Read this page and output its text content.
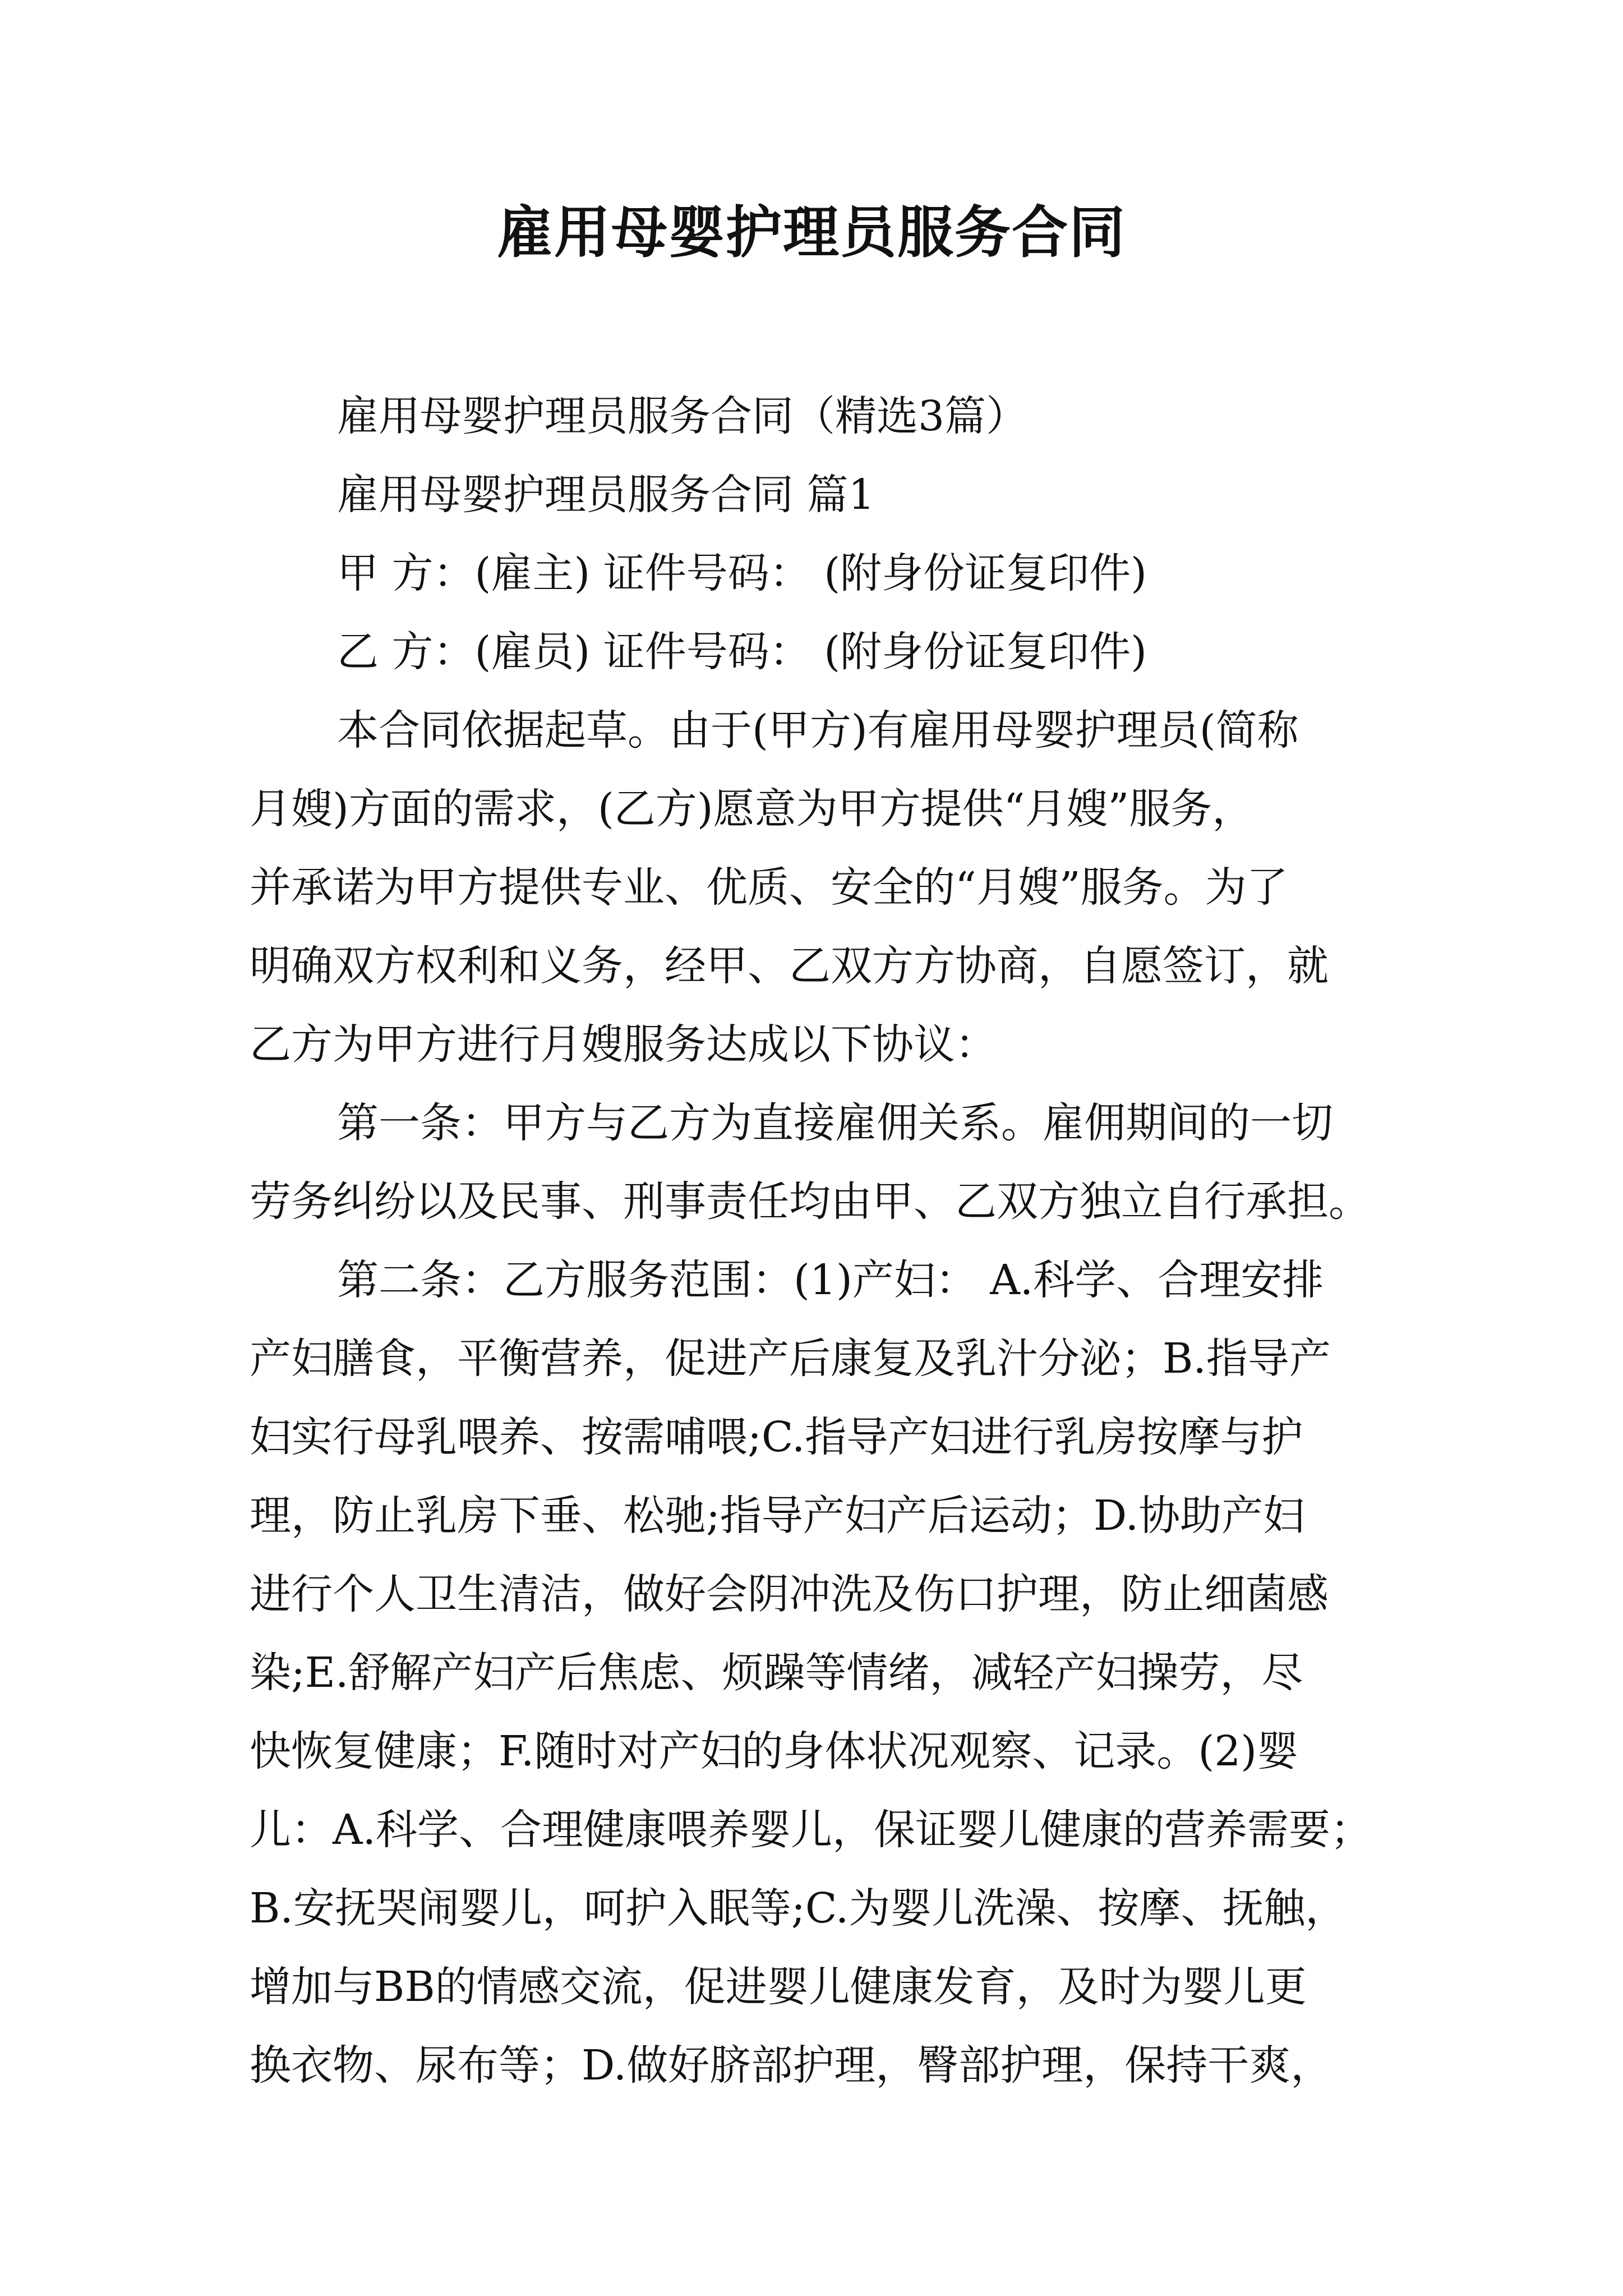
雇用母婴护理员服务合同

雇用母婴护理员服务合同（精选3篇）

雇用母婴护理员服务合同 篇1

甲 方：(雇主) 证件号码： (附身份证复印件)

乙 方：(雇员) 证件号码： (附身份证复印件)

本合同依据起草。由于(甲方)有雇用母婴护理员(简称

月嫂)方面的需求，(乙方)愿意为甲方提供“月嫂”服务，

并承诺为甲方提供专业、优质、安全的“月嫂”服务。为了

明确双方权利和义务，经甲、乙双方方协商，自愿签订，就

乙方为甲方进行月嫂服务达成以下协议：

第一条：甲方与乙方为直接雇佣关系。雇佣期间的一切

劳务纠纷以及民事、刑事责任均由甲、乙双方独立自行承担。

第二条：乙方服务范围：(1)产妇： A.科学、合理安排

产妇膳食，平衡营养，促进产后康复及乳汁分泌；B.指导产

妇实行母乳喂养、按需哺喂;C.指导产妇进行乳房按摩与护

理，防止乳房下垂、松驰;指导产妇产后运动；D.协助产妇

进行个人卫生清洁，做好会阴冲洗及伤口护理，防止细菌感

染;E.舒解产妇产后焦虑、烦躁等情绪，减轻产妇操劳，尽

快恢复健康；F.随时对产妇的身体状况观察、记录。(2)婴

儿：A.科学、合理健康喂养婴儿，保证婴儿健康的营养需要；

B.安抚哭闹婴儿，呵护入眠等;C.为婴儿洗澡、按摩、抚触，

增加与BB的情感交流，促进婴儿健康发育，及时为婴儿更

换衣物、尿布等；D.做好脐部护理，臀部护理，保持干爽，
